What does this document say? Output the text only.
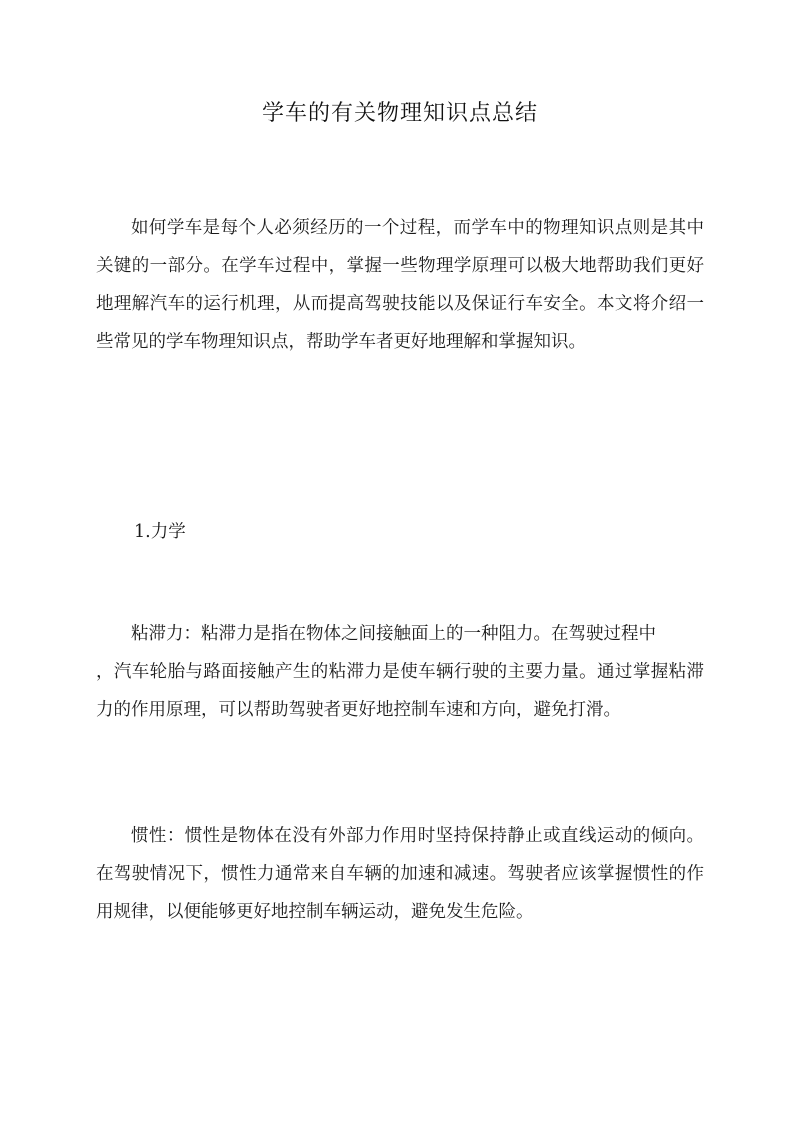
学车的有关物理知识点总结

如何学车是每个人必须经历的一个过程，而学车中的物理知识点则是其中关键的一部分。在学车过程中，掌握一些物理学原理可以极大地帮助我们更好地理解汽车的运行机理，从而提高驾驶技能以及保证行车安全。本文将介绍一些常见的学车物理知识点，帮助学车者更好地理解和掌握知识。

1.力学

粘滞力：粘滞力是指在物体之间接触面上的一种阻力。在驾驶过程中

，汽车轮胎与路面接触产生的粘滞力是使车辆行驶的主要力量。通过掌握粘滞力的作用原理，可以帮助驾驶者更好地控制车速和方向，避免打滑。

惯性：惯性是物体在没有外部力作用时坚持保持静止或直线运动的倾向。在驾驶情况下，惯性力通常来自车辆的加速和减速。驾驶者应该掌握惯性的作用规律，以便能够更好地控制车辆运动，避免发生危险。
